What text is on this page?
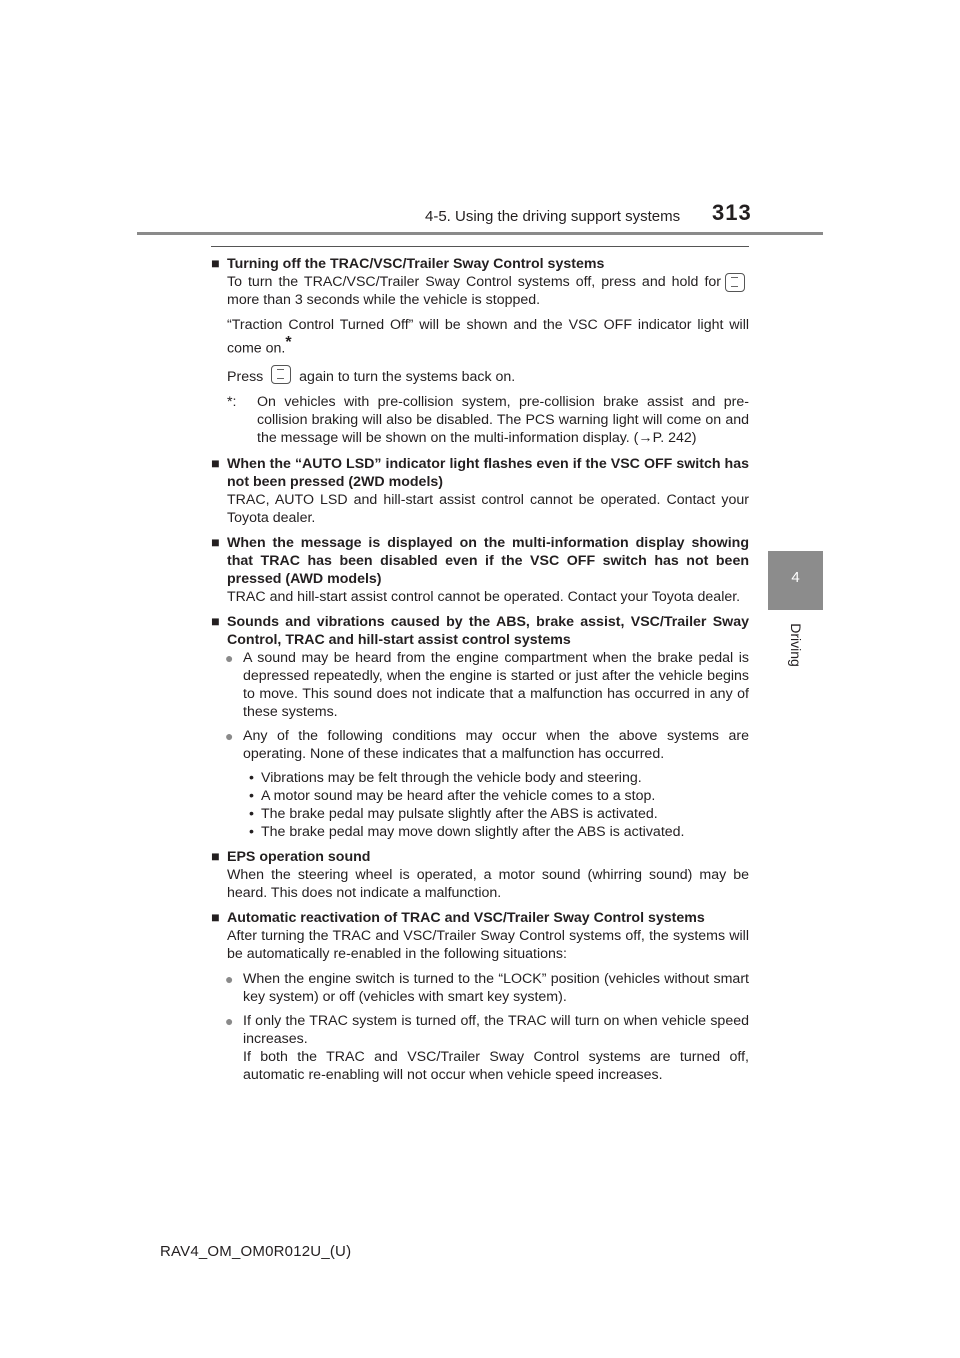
4-5. Using the driving support systems 313
4
Driving
■ Turning off the TRAC/VSC/Trailer Sway Control systems
To turn the TRAC/VSC/Trailer Sway Control systems off, press and hold for more than 3 seconds while the vehicle is stopped.
“Traction Control Turned Off” will be shown and the VSC OFF indicator light will come on.*
Press	again to turn the systems back on.
*: On vehicles with pre-collision system, pre-collision brake assist and pre-collision braking will also be disabled. The PCS warning light will come on and the message will be shown on the multi-information display. (→P. 242)
■ When the “AUTO LSD” indicator light flashes even if the VSC OFF switch has not been pressed (2WD models)
TRAC, AUTO LSD and hill-start assist control cannot be operated. Contact your Toyota dealer.
■ When the message is displayed on the multi-information display showing that TRAC has been disabled even if the VSC OFF switch has not been pressed (AWD models)
TRAC and hill-start assist control cannot be operated. Contact your Toyota dealer.
■ Sounds and vibrations caused by the ABS, brake assist, VSC/Trailer Sway Control, TRAC and hill-start assist control systems
● A sound may be heard from the engine compartment when the brake pedal is depressed repeatedly, when the engine is started or just after the vehicle begins to move. This sound does not indicate that a malfunction has occurred in any of these systems.
● Any of the following conditions may occur when the above systems are operating. None of these indicates that a malfunction has occurred.
• Vibrations may be felt through the vehicle body and steering.
• A motor sound may be heard after the vehicle comes to a stop.
• The brake pedal may pulsate slightly after the ABS is activated.
• The brake pedal may move down slightly after the ABS is activated.
■ EPS operation sound
When the steering wheel is operated, a motor sound (whirring sound) may be heard. This does not indicate a malfunction.
■ Automatic reactivation of TRAC and VSC/Trailer Sway Control systems
After turning the TRAC and VSC/Trailer Sway Control systems off, the systems will be automatically re-enabled in the following situations:
● When the engine switch is turned to the “LOCK” position (vehicles without smart key system) or off (vehicles with smart key system).
● If only the TRAC system is turned off, the TRAC will turn on when vehicle speed increases.
If both the TRAC and VSC/Trailer Sway Control systems are turned off, automatic re-enabling will not occur when vehicle speed increases.
RAV4_OM_OM0R012U_(U)
